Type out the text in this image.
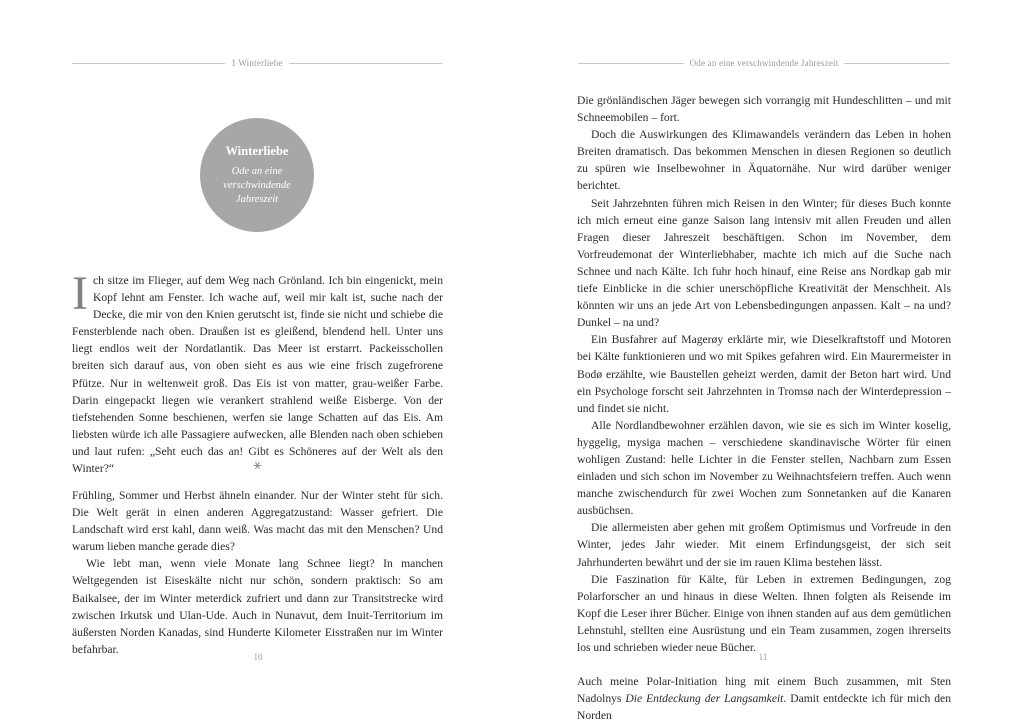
1 Winterliebe
Winterliebe
Ode an eine
verschwindende
Jahreszeit

Ich sitze im Flieger, auf dem Weg nach Grönland. Ich bin eingenickt, mein Kopf lehnt am Fenster. Ich wache auf, weil mir kalt ist, suche nach der Decke, die mir von den Knien gerutscht ist, finde sie nicht und schiebe die Fensterblende nach oben. Draußen ist es gleißend, blendend hell. Unter uns liegt endlos weit der Nordatlantik. Das Meer ist erstarrt. Packeisschollen breiten sich darauf aus, von oben sieht es aus wie eine frisch zugefrorene Pfütze. Nur in weltenweit groß. Das Eis ist von matter, grau-weißer Farbe. Darin eingepackt liegen wie verankert strahlend weiße Eisberge. Von der tiefstehenden Sonne beschienen, werfen sie lange Schatten auf das Eis. Am liebsten würde ich alle Passagiere aufwecken, alle Blenden nach oben schieben und laut rufen: „Seht euch das an! Gibt es Schöneres auf der Welt als den Winter?“	⚹

Frühling, Sommer und Herbst ähneln einander. Nur der Winter steht für sich. Die Welt gerät in einen anderen Aggregatzustand: Wasser gefriert. Die Landschaft wird erst kahl, dann weiß. Was macht das mit den Menschen? Und warum lieben manche gerade dies?

Wie lebt man, wenn viele Monate lang Schnee liegt? In manchen Weltgegenden ist Eiseskälte nicht nur schön, sondern praktisch: So am Baikalsee, der im Winter meterdick zufriert und dann zur Transitstrecke wird zwischen Irkutsk und Ulan-Ude. Auch in Nunavut, dem Inuit-Territorium im äußersten Norden Kanadas, sind Hunderte Kilometer Eisstraßen nur im Winter befahrbar.

10
Ode an eine verschwindende Jahreszeit

Die grönländischen Jäger bewegen sich vorrangig mit Hundeschlitten – und mit Schneemobilen – fort.

Doch die Auswirkungen des Klimawandels verändern das Leben in hohen Breiten dramatisch. Das bekommen Menschen in diesen Regionen so deutlich zu spüren wie Inselbewohner in Äquatornähe. Nur wird darüber weniger berichtet.

Seit Jahrzehnten führen mich Reisen in den Winter; für dieses Buch konnte ich mich erneut eine ganze Saison lang intensiv mit allen Freuden und allen Fragen dieser Jahreszeit beschäftigen. Schon im November, dem Vorfreudemonat der Winterliebhaber, machte ich mich auf die Suche nach Schnee und nach Kälte. Ich fuhr hoch hinauf, eine Reise ans Nordkap gab mir tiefe Einblicke in die schier unerschöpfliche Kreativität der Menschheit. Als könnten wir uns an jede Art von Lebensbedingungen anpassen. Kalt – na und? Dunkel – na und?

Ein Busfahrer auf Magerøy erklärte mir, wie Dieselkraftstoff und Motoren bei Kälte funktionieren und wo mit Spikes gefahren wird. Ein Maurermeister in Bodø erzählte, wie Baustellen geheizt werden, damit der Beton hart wird. Und ein Psychologe forscht seit Jahrzehnten in Tromsø nach der Winterdepression – und findet sie nicht.

Alle Nordlandbewohner erzählen davon, wie sie es sich im Winter koselig, hyggelig, mysiga machen – verschiedene skandinavische Wörter für einen wohligen Zustand: helle Lichter in die Fenster stellen, Nachbarn zum Essen einladen und sich schon im November zu Weihnachtsfeiern treffen. Auch wenn manche zwischendurch für zwei Wochen zum Sonnetanken auf die Kanaren ausbüchsen.

Die allermeisten aber gehen mit großem Optimismus und Vorfreude in den Winter, jedes Jahr wieder. Mit einem Erfindungsgeist, der sich seit Jahrhunderten bewährt und der sie im rauen Klima bestehen lässt.

Die Faszination für Kälte, für Leben in extremen Bedingungen, zog Polarforscher an und hinaus in diese Welten. Ihnen folgten als Reisende im Kopf die Leser ihrer Bücher. Einige von ihnen standen auf aus dem gemütlichen Lehnstuhl, stellten eine Ausrüstung und ein Team zusammen, zogen ihrerseits los und schrieben wieder neue Bücher.

Auch meine Polar-Initiation hing mit einem Buch zusammen, mit Sten Nadolnys Die Entdeckung der Langsamkeit. Damit entdeckte ich für mich den Norden

11
